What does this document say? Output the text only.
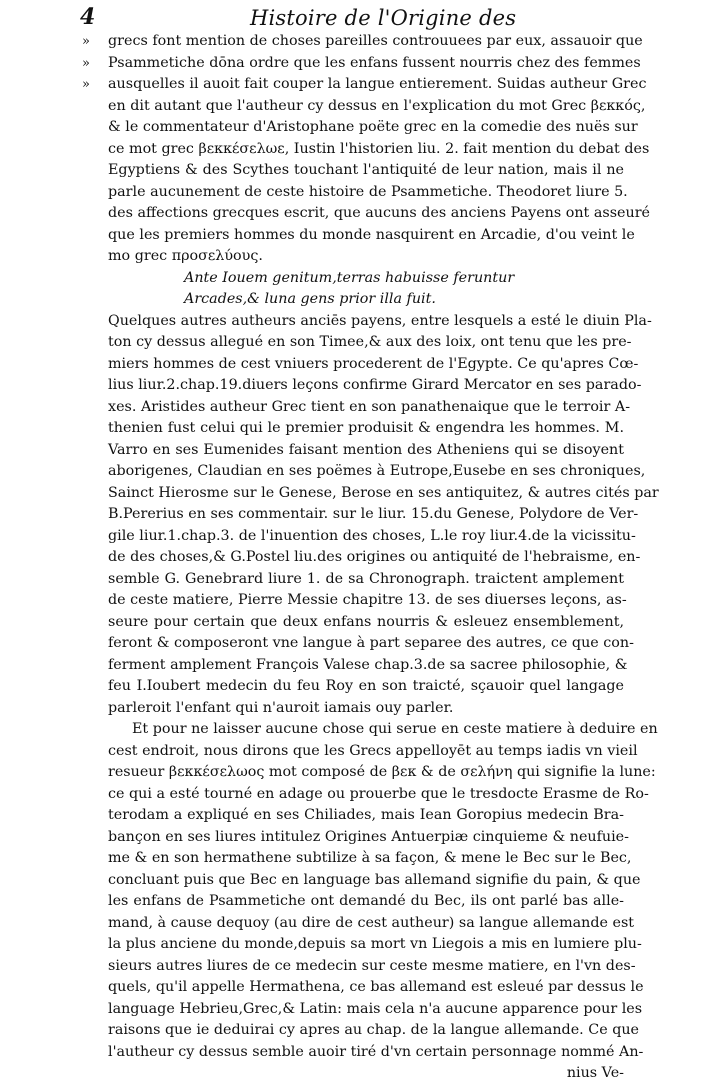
4	Histoire de l'Origine des
» grecs font mention de choses pareilles controuuees par eux, assauoir que
» Psammetiche dōna ordre que les enfans fussent nourris chez des femmes
» ausquelles il auoit fait couper la langue entierement. Suidas autheur Grec
en dit autant que l'autheur cy dessus en l'explication du mot Grec βεκκός,
& le commentateur d'Aristophane poëte grec en la comedie des nuës sur
ce mot grec βεκκέσελωε, Iustin l'historien liu. 2. fait mention du debat des
Egyptiens & des Scythes touchant l'antiquité de leur nation, mais il ne
parle aucunement de ceste histoire de Psammetiche. Theodoret liure 5.
des affections grecques escrit, que aucuns des anciens Payens ont asseuré
que les premiers hommes du monde nasquirent en Arcadie, d'ou veint le
mo grec προσελύους.
Ante Iouem genitum,terras habuisse feruntur
Arcades,& luna gens prior illa fuit.
Quelques autres autheurs anciēs payens, entre lesquels a esté le diuin Pla-
ton cy dessus allegué en son Timee,& aux des loix, ont tenu que les pre-
miers hommes de cest vniuers procederent de l'Egypte. Ce qu'apres Cœ-
lius liur.2.chap.19.diuers leçons confirme Girard Mercator en ses parado-
xes. Aristides autheur Grec tient en son panathenaique que le terroir A-
thenien fust celui qui le premier produisit & engendra les hommes. M.
Varro en ses Eumenides faisant mention des Atheniens qui se disoyent
aborigenes, Claudian en ses poëmes à Eutrope,Eusebe en ses chroniques,
Sainct Hierosme sur le Genese, Berose en ses antiquitez, & autres cités par
B.Pererius en ses commentair. sur le liur. 15.du Genese, Polydore de Ver-
gile liur.1.chap.3. de l'inuention des choses, L.le roy liur.4.de la vicissitu-
de des choses,& G.Postel liu.des origines ou antiquité de l'hebraisme, en-
semble G. Genebrard liure 1. de sa Chronograph. traictent amplement
de ceste matiere, Pierre Messie chapitre 13. de ses diuerses leçons, as-
seure pour certain que deux enfans nourris & esleuez ensemblement,
feront & composeront vne langue à part separee des autres, ce que con-
ferment amplement François Valese chap.3.de sa sacree philosophie, &
feu I.Ioubert medecin du feu Roy en son traicté, sçauoir quel langage
parleroit l'enfant qui n'auroit iamais ouy parler.
Et pour ne laisser aucune chose qui serue en ceste matiere à deduire en
cest endroit, nous dirons que les Grecs appelloyēt au temps iadis vn vieil
resueur βεκκέσελωος mot composé de βεκ & de σελήνη qui signifie la lune:
ce qui a esté tourné en adage ou prouerbe que le tresdocte Erasme de Ro-
terodam a expliqué en ses Chiliades, mais Iean Goropius medecin Bra-
bançon en ses liures intitulez Origines Antuerpiæ cinquieme & neufuie-
me & en son hermathene subtilize à sa façon, & mene le Bec sur le Bec,
concluant puis que Bec en language bas allemand signifie du pain, & que
les enfans de Psammetiche ont demandé du Bec, ils ont parlé bas alle-
mand, à cause dequoy (au dire de cest autheur) sa langue allemande est
la plus anciene du monde,depuis sa mort vn Liegois a mis en lumiere plu-
sieurs autres liures de ce medecin sur ceste mesme matiere, en l'vn des-
quels, qu'il appelle Hermathena, ce bas allemand est esleué par dessus le
language Hebrieu,Grec,& Latin: mais cela n'a aucune apparence pour les
raisons que ie deduirai cy apres au chap. de la langue allemande. Ce que
l'autheur cy dessus semble auoir tiré d'vn certain personnage nommé An-
nius Ve-
